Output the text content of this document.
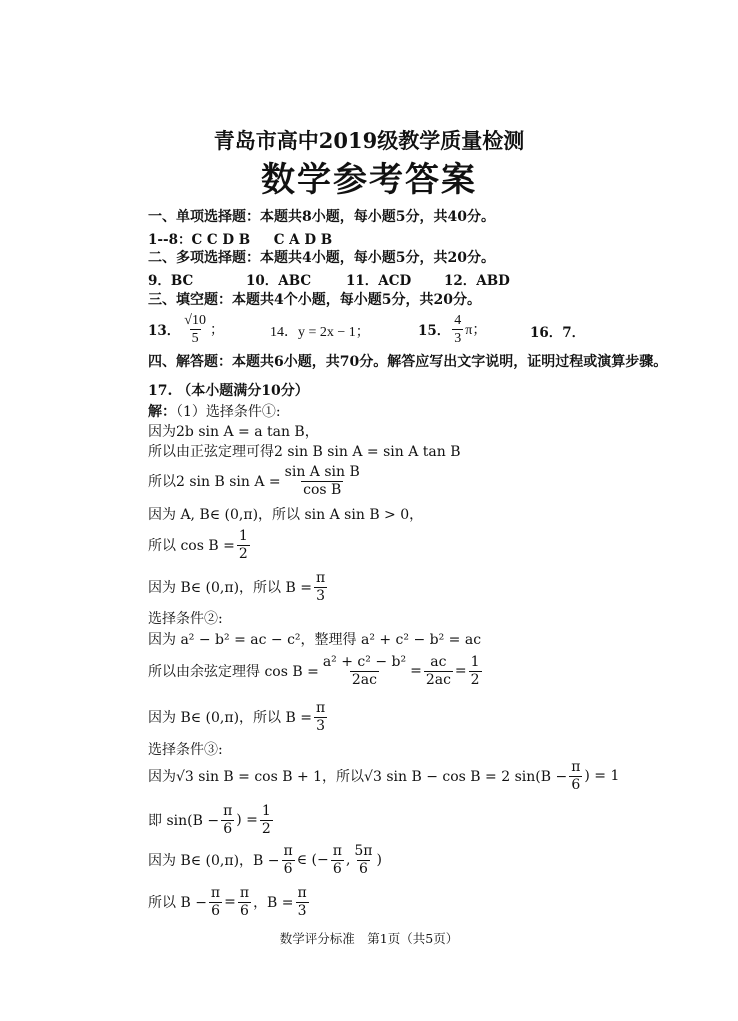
青岛市高中2019级教学质量检测
数学参考答案
一、单项选择题：本题共8小题，每小题5分，共40分。
1--8：C C D B     C A D B
二、多项选择题：本题共4小题，每小题5分，共20分。
9．BC	10．ABC	11．ACD 12．ABD
三、填空题：本题共4个小题，每小题5分，共20分。
13． $\frac{√10}{5}$ ；	14．y = 2x − 1；	15． $\frac{4}{3}$ π；	16．7．
四、解答题：本题共6小题，共70分。解答应写出文字说明，证明过程或演算步骤。
17. （本小题满分10分）
解：（1）选择条件①:
因为2b sin A = a tan B，
所以由正弦定理可得2 sin B sin A = sin A tan B
所以2 sin B $\sin A = \frac{\text{sin A sin B}}{\text{cos B}}$
因为 A, B∈ (0,π)，所以 sin A sin B > 0，
所以 $\cos B = \frac{1}{2}$
因为 B∈ (0,π)，所以 $B = \frac{\pi}{3}$
选择条件②:
因为 a² − b² = ac − c²，整理得 a² + c² − b² = ac
所以由余弦定理得 $\cos B = \frac{\text{a² + c² − b²}}{2ac} = \frac{ac}{2ac} = \frac{1}{2}$
因为 B∈ (0,π)，所以 $B = \frac{\pi}{3}$
选择条件③:
因为√3 sin B = cos B + 1，所以√3 sin B − cos B = 2 $\sin(B - \frac{\pi}{6}$ ) = 1
即 $\sin(B - \frac{\pi}{6}$ ) = $\frac{1}{2}$
因为 B∈ (0,π)，$B - \frac{\pi}{6}$ ∈ (− $\frac{\pi}{6}$ , $\frac{5\pi}{6}$ )
所以 $B - \frac{\pi}{6} = \frac{\pi}{6}$ ，$B = \frac{\pi}{3}$
数学评分标准　第1页（共5页）
